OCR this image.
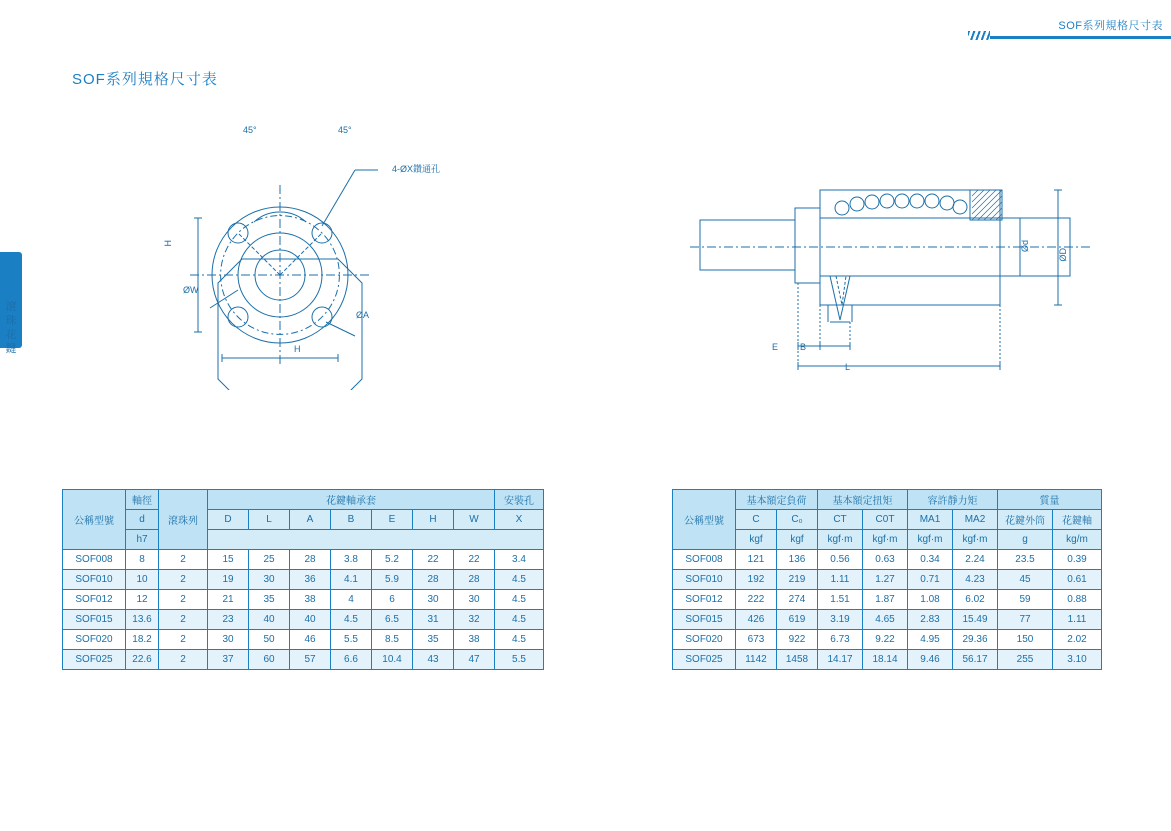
SOF系列規格尺寸表
滾珠花鍵
SOF系列規格尺寸表
45°	45°
4-ØX鑽通孔
H
ØW
ØA
H
Ød
ØD
E B
L
公稱型號	軸徑	滾珠列	花鍵軸承套							安裝孔
	d		D	L	A	B	E	H	W	X
	h7									
SOF008	8	2	15	25	28	3.8	5.2	22	22	3.4
SOF010	10	2	19	30	36	4.1	5.9	28	28	4.5
SOF012	12	2	21	35	38	4	6	30	30	4.5
SOF015	13.6	2	23	40	40	4.5	6.5	31	32	4.5
SOF020	18.2	2	30	50	46	5.5	8.5	35	38	4.5
SOF025	22.6	2	37	60	57	6.6	10.4	43	47	5.5
公稱型號	基本額定負荷		基本額定扭矩		容許靜力矩		質量	
	C	C₀	CT	C0T	MA1	MA2	花鍵外筒	花鍵軸
	kgf	kgf	kgf·m	kgf·m	kgf·m	kgf·m	g	kg/m
SOF008	121	136	0.56	0.63	0.34	2.24	23.5	0.39
SOF010	192	219	1.11	1.27	0.71	4.23	45	0.61
SOF012	222	274	1.51	1.87	1.08	6.02	59	0.88
SOF015	426	619	3.19	4.65	2.83	15.49	77	1.11
SOF020	673	922	6.73	9.22	4.95	29.36	150	2.02
SOF025	1142	1458	14.17	18.14	9.46	56.17	255	3.10
